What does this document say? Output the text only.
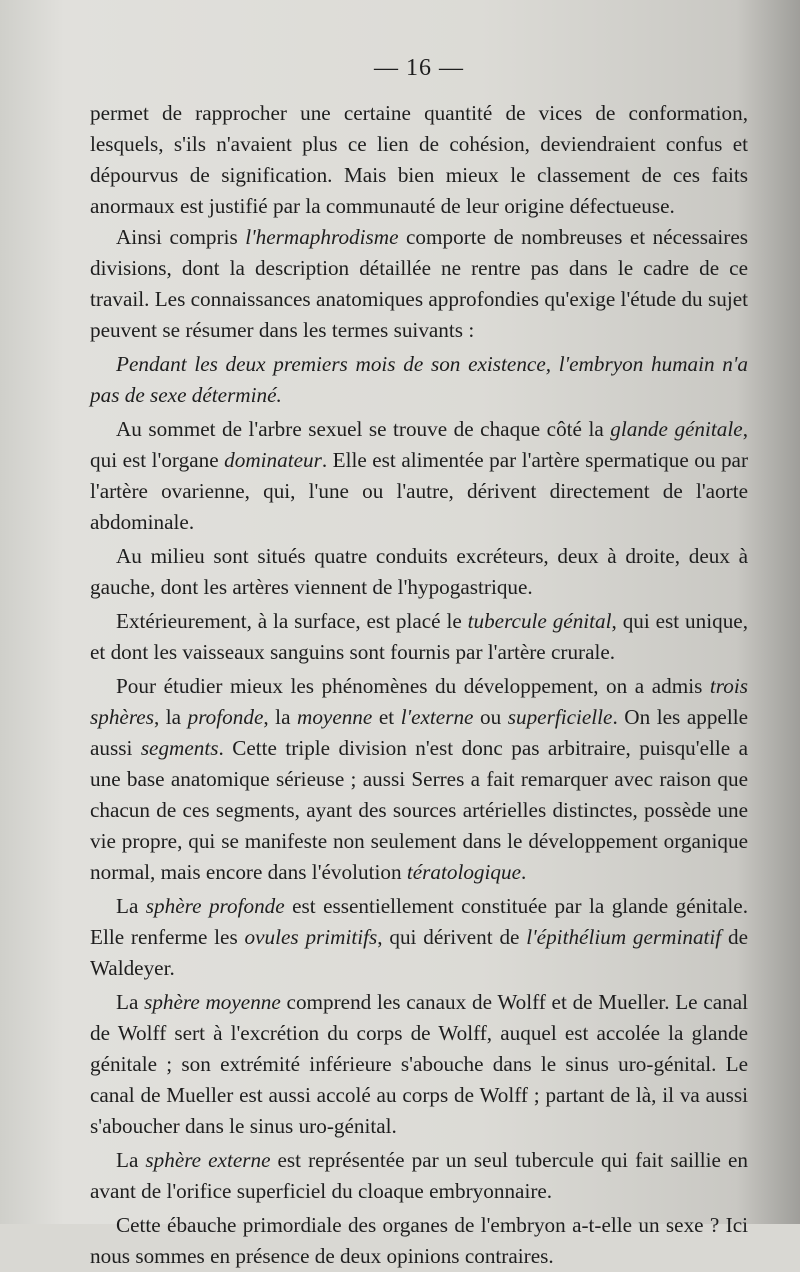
— 16 —

permet de rapprocher une certaine quantité de vices de conformation, lesquels, s'ils n'avaient plus ce lien de cohésion, deviendraient confus et dépourvus de signification. Mais bien mieux le classement de ces faits anormaux est justifié par la communauté de leur origine défectueuse.

Ainsi compris l'hermaphrodisme comporte de nombreuses et nécessaires divisions, dont la description détaillée ne rentre pas dans le cadre de ce travail. Les connaissances anatomiques approfondies qu'exige l'étude du sujet peuvent se résumer dans les termes suivants :

Pendant les deux premiers mois de son existence, l'embryon humain n'a pas de sexe déterminé.

Au sommet de l'arbre sexuel se trouve de chaque côté la glande génitale, qui est l'organe dominateur. Elle est alimentée par l'artère spermatique ou par l'artère ovarienne, qui, l'une ou l'autre, dérivent directement de l'aorte abdominale.

Au milieu sont situés quatre conduits excréteurs, deux à droite, deux à gauche, dont les artères viennent de l'hypogastrique.

Extérieurement, à la surface, est placé le tubercule génital, qui est unique, et dont les vaisseaux sanguins sont fournis par l'artère crurale.

Pour étudier mieux les phénomènes du développement, on a admis trois sphères, la profonde, la moyenne et l'externe ou superficielle. On les appelle aussi segments. Cette triple division n'est donc pas arbitraire, puisqu'elle a une base anatomique sérieuse ; aussi Serres a fait remarquer avec raison que chacun de ces segments, ayant des sources artérielles distinctes, possède une vie propre, qui se manifeste non seulement dans le développement organique normal, mais encore dans l'évolution tératologique.

La sphère profonde est essentiellement constituée par la glande génitale. Elle renferme les ovules primitifs, qui dérivent de l'épithélium germinatif de Waldeyer.

La sphère moyenne comprend les canaux de Wolff et de Mueller. Le canal de Wolff sert à l'excrétion du corps de Wolff, auquel est accolée la glande génitale ; son extrémité inférieure s'abouche dans le sinus uro-génital. Le canal de Mueller est aussi accolé au corps de Wolff ; partant de là, il va aussi s'aboucher dans le sinus uro-génital.

La sphère externe est représentée par un seul tubercule qui fait saillie en avant de l'orifice superficiel du cloaque embryonnaire.

Cette ébauche primordiale des organes de l'embryon a-t-elle un sexe ? Ici nous sommes en présence de deux opinions contraires.
